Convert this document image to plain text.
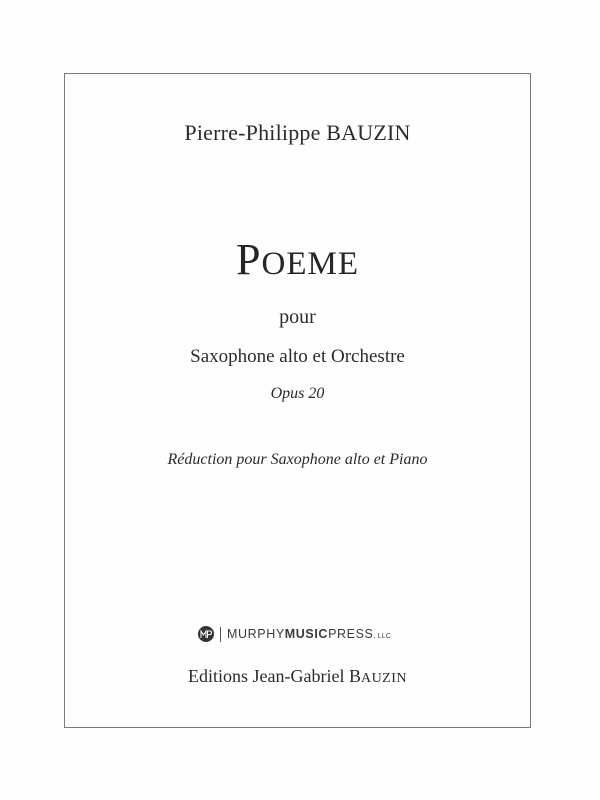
Pierre-Philippe BAUZIN
POEME
pour
Saxophone alto et Orchestre
Opus 20
Réduction pour Saxophone alto et Piano
MURPHYMUSICPRESS, LLC
Editions Jean-Gabriel BAUZIN
